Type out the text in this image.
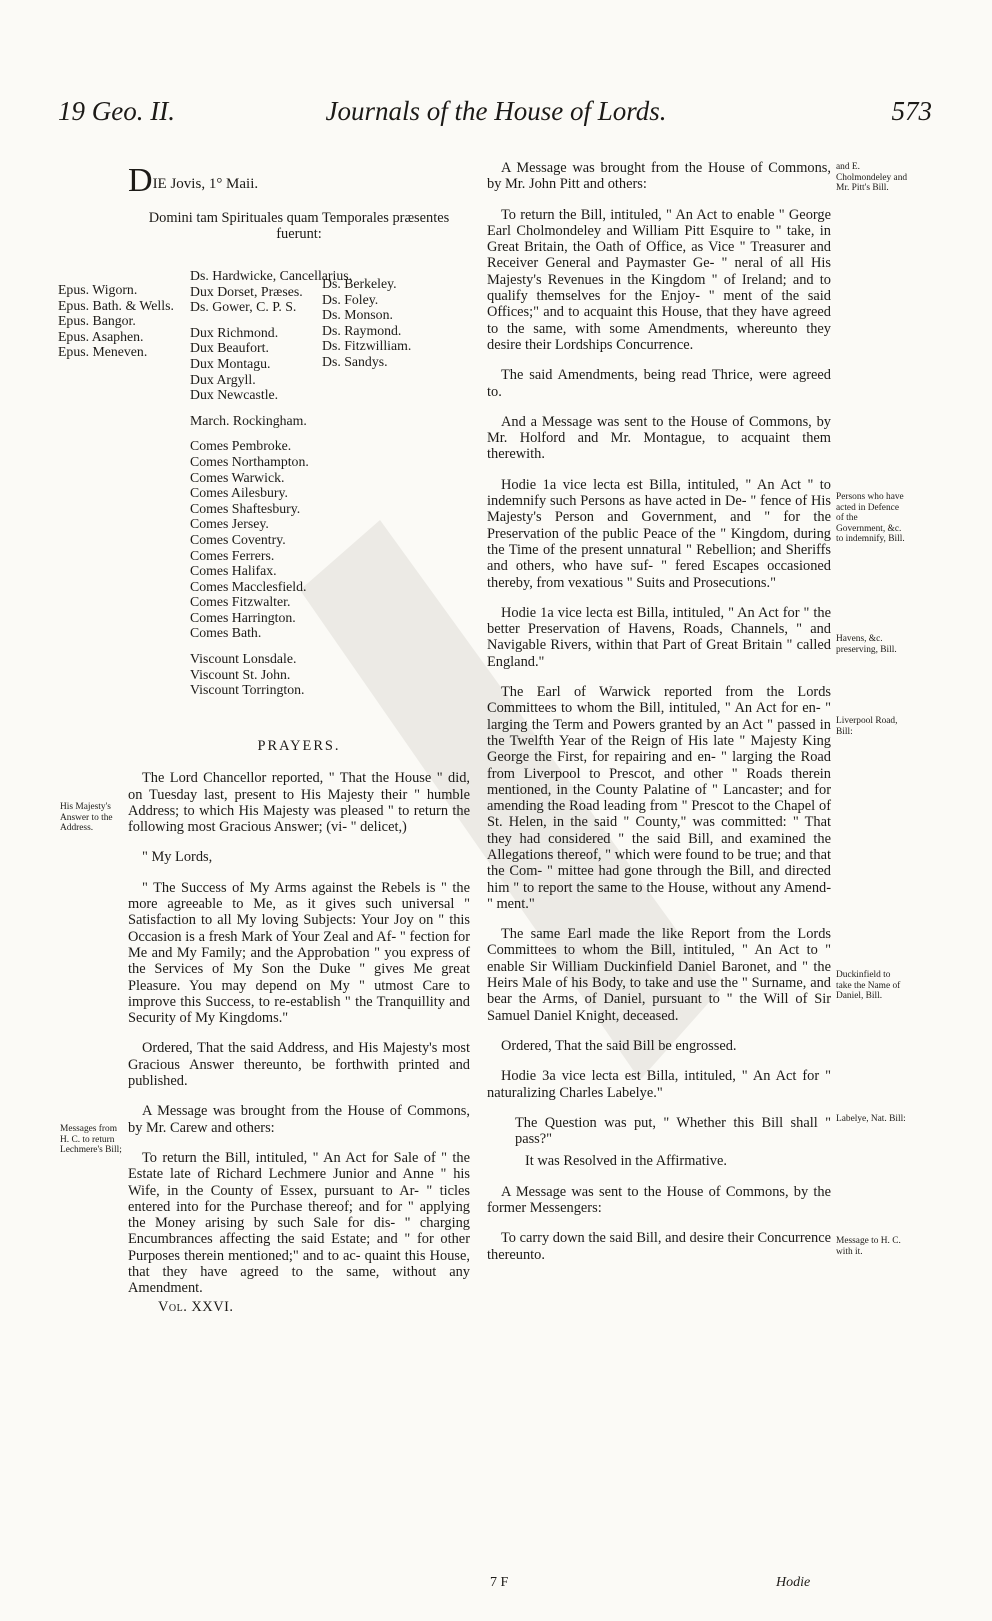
19 Geo. II.	Journals of the House of Lords.	573
DIE Jovis, 1° Maii.

Domini tam Spirituales quam Temporales præsentes fuerunt:

Epus. Wigorn.
Epus. Bath. & Wells.
Epus. Bangor.
Epus. Asaphen.
Epus. Meneven.
Ds. Hardwicke, Cancellarius.
Dux Dorset, Præses.
Ds. Gower, C. P. S.
Dux Richmond.
Dux Beaufort.
Dux Montagu.
Dux Argyll.
Dux Newcastle.
March. Rockingham.
Comes Pembroke.
Comes Northampton.
Comes Warwick.
Comes Ailesbury.
Comes Shaftesbury.
Comes Jersey.
Comes Coventry.
Comes Ferrers.
Comes Halifax.
Comes Macclesfield.
Comes Fitzwalter.
Comes Harrington.
Comes Bath.
Viscount Lonsdale.
Viscount St. John.
Viscount Torrington.
Ds. Berkeley.
Ds. Foley.
Ds. Monson.
Ds. Raymond.
Ds. Fitzwilliam.
Ds. Sandys.

PRAYERS.

The Lord Chancellor reported, " That the House " did, on Tuesday last, present to His Majesty their " humble Address; to which His Majesty was pleased " to return the following most Gracious Answer; (vi- " delicet,)

" My Lords,

" The Success of My Arms against the Rebels is " the more agreeable to Me, as it gives such universal " Satisfaction to all My loving Subjects: Your Joy on " this Occasion is a fresh Mark of Your Zeal and Af- " fection for Me and My Family; and the Approbation " you express of the Services of My Son the Duke " gives Me great Pleasure. You may depend on My " utmost Care to improve this Success, to re-establish " the Tranquillity and Security of My Kingdoms."

Ordered, That the said Address, and His Majesty's most Gracious Answer thereunto, be forthwith printed and published.

A Message was brought from the House of Commons, by Mr. Carew and others:

To return the Bill, intituled, " An Act for Sale of " the Estate late of Richard Lechmere Junior and Anne " his Wife, in the County of Essex, pursuant to Ar- " ticles entered into for the Purchase thereof; and for " applying the Money arising by such Sale for dis- " charging Encumbrances affecting the said Estate; and " for other Purposes therein mentioned;" and to ac- quaint this House, that they have agreed to the same, without any Amendment.

Vol. XXVI.
His Majesty's Answer to the Address.
Messages from H. C. to return Lechmere's Bill;

A Message was brought from the House of Commons, by Mr. John Pitt and others:

To return the Bill, intituled, " An Act to enable " George Earl Cholmondeley and William Pitt Esquire to " take, in Great Britain, the Oath of Office, as Vice " Treasurer and Receiver General and Paymaster Ge- " neral of all His Majesty's Revenues in the Kingdom " of Ireland; and to qualify themselves for the Enjoy- " ment of the said Offices;" and to acquaint this House, that they have agreed to the same, with some Amendments, whereunto they desire their Lordships Concurrence.

The said Amendments, being read Thrice, were agreed to.

And a Message was sent to the House of Commons, by Mr. Holford and Mr. Montague, to acquaint them therewith.

Hodie 1a vice lecta est Billa, intituled, " An Act " to indemnify such Persons as have acted in De- " fence of His Majesty's Person and Government, and " for the Preservation of the public Peace of the " Kingdom, during the Time of the present unnatural " Rebellion; and Sheriffs and others, who have suf- " fered Escapes occasioned thereby, from vexatious " Suits and Prosecutions."

Hodie 1a vice lecta est Billa, intituled, " An Act for " the better Preservation of Havens, Roads, Channels, " and Navigable Rivers, within that Part of Great Britain " called England."

The Earl of Warwick reported from the Lords Committees to whom the Bill, intituled, " An Act for en- " larging the Term and Powers granted by an Act " passed in the Twelfth Year of the Reign of His late " Majesty King George the First, for repairing and en- " larging the Road from Liverpool to Prescot, and other " Roads therein mentioned, in the County Palatine of " Lancaster; and for amending the Road leading from " Prescot to the Chapel of St. Helen, in the said " County," was committed: " That they had considered " the said Bill, and examined the Allegations thereof, " which were found to be true; and that the Com- " mittee had gone through the Bill, and directed him " to report the same to the House, without any Amend- " ment."

The same Earl made the like Report from the Lords Committees to whom the Bill, intituled, " An Act to " enable Sir William Duckinfield Daniel Baronet, and " the Heirs Male of his Body, to take and use the " Surname, and bear the Arms, of Daniel, pursuant to " the Will of Sir Samuel Daniel Knight, deceased.

Ordered, That the said Bill be engrossed.

Hodie 3a vice lecta est Billa, intituled, " An Act for " naturalizing Charles Labelye."

The Question was put, " Whether this Bill shall " pass?"

It was Resolved in the Affirmative.

A Message was sent to the House of Commons, by the former Messengers:

To carry down the said Bill, and desire their Concurrence thereunto.

7 F	Hodie
and E. Cholmondeley and Mr. Pitt's Bill.
Persons who have acted in Defence of the Government, &c. to indemnify, Bill.
Havens, &c. preserving, Bill.
Liverpool Road, Bill:
Duckinfield to take the Name of Daniel, Bill.
Labelye, Nat. Bill:
Message to H. C. with it.
